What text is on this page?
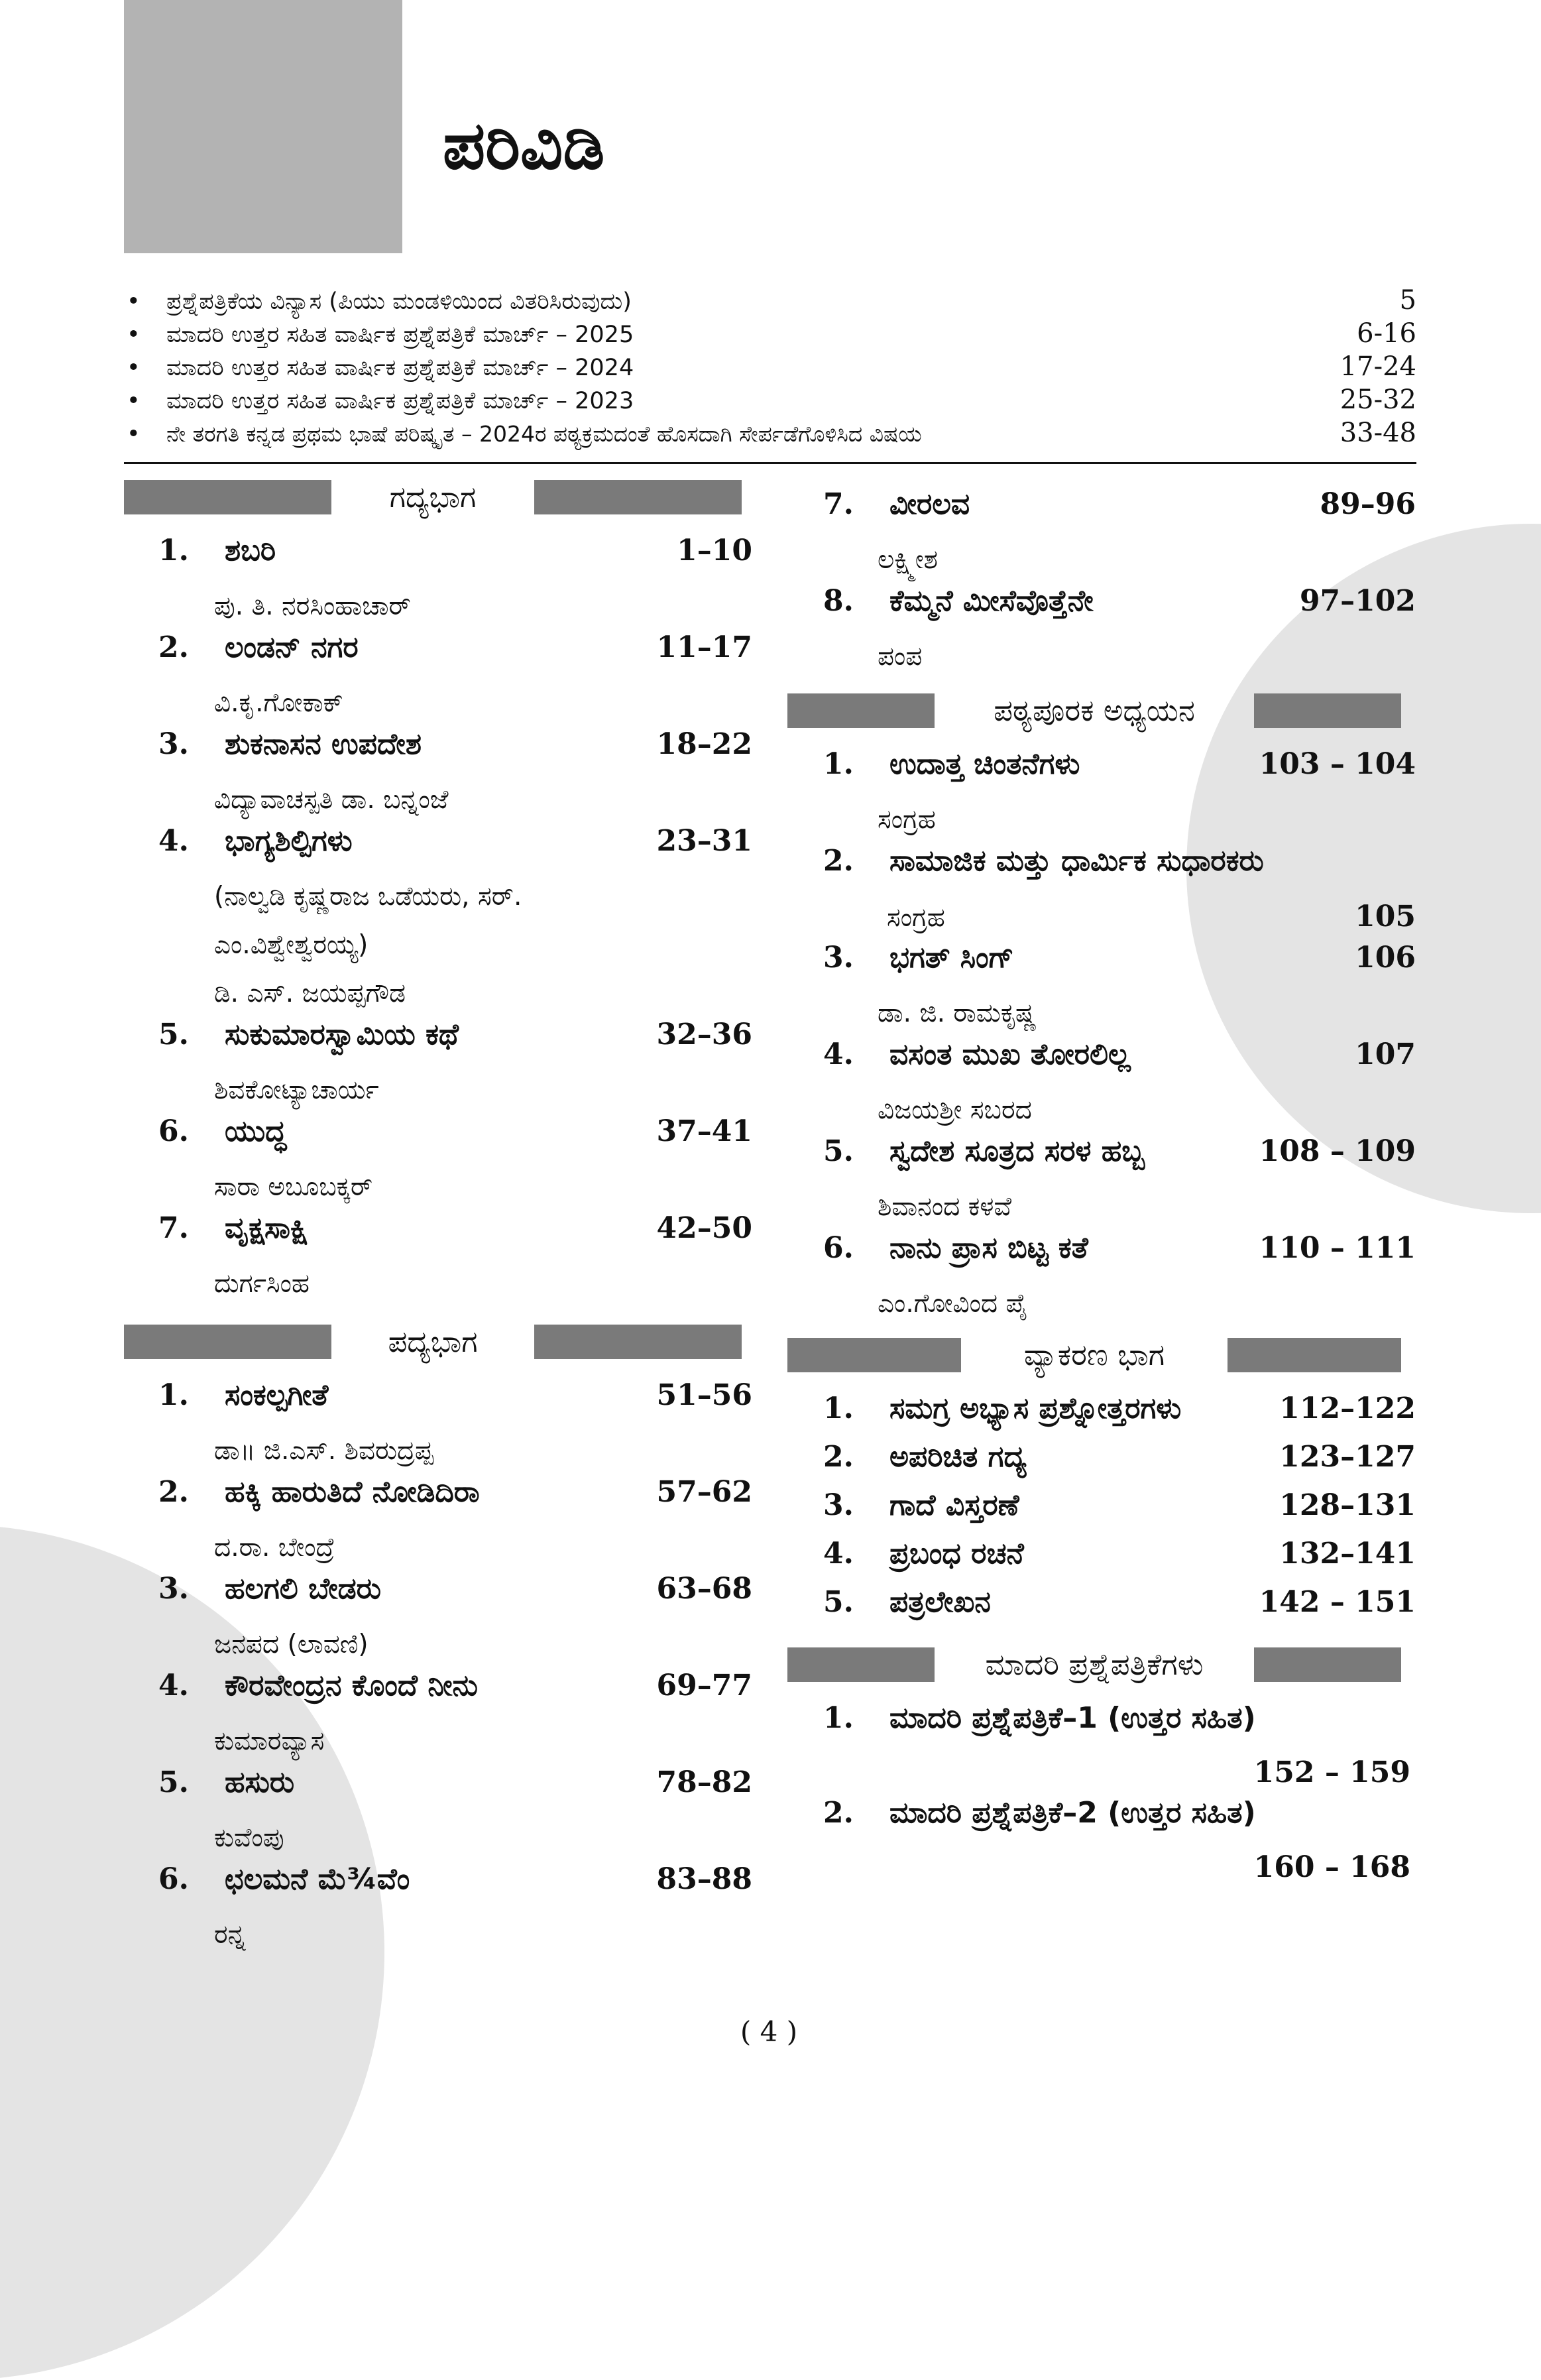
ಪರಿವಿಡಿ
•	ಪ್ರಶ್ನೆಪತ್ರಿಕೆಯ ವಿನ್ಯಾಸ (ಪಿಯು ಮಂಡಳಿಯಿಂದ ವಿತರಿಸಿರುವುದು)	5
•	ಮಾದರಿ ಉತ್ತರ ಸಹಿತ ವಾರ್ಷಿಕ ಪ್ರಶ್ನೆಪತ್ರಿಕೆ ಮಾರ್ಚ್ – 2025	6-16
•	ಮಾದರಿ ಉತ್ತರ ಸಹಿತ ವಾರ್ಷಿಕ ಪ್ರಶ್ನೆಪತ್ರಿಕೆ ಮಾರ್ಚ್ – 2024	17-24
•	ಮಾದರಿ ಉತ್ತರ ಸಹಿತ ವಾರ್ಷಿಕ ಪ್ರಶ್ನೆಪತ್ರಿಕೆ ಮಾರ್ಚ್ – 2023	25-32
•	ನೇ ತರಗತಿ ಕನ್ನಡ ಪ್ರಥಮ ಭಾಷೆ ಪರಿಷ್ಕೃತ – 2024ರ ಪಠ್ಯಕ್ರಮದಂತೆ ಹೊಸದಾಗಿ ಸೇರ್ಪಡೆಗೊಳಿಸಿದ ವಿಷಯ	33-48
ಗದ್ಯಭಾಗ
1.	ಶಬರಿ	1–10
ಪು. ತಿ. ನರಸಿಂಹಾಚಾರ್
2.	ಲಂಡನ್ ನಗರ	11–17
ವಿ.ಕೃ.ಗೋಕಾಕ್
3.	ಶುಕನಾಸನ ಉಪದೇಶ	18–22
ವಿದ್ಯಾವಾಚಸ್ಪತಿ ಡಾ. ಬನ್ನಂಜೆ
4.	ಭಾಗ್ಯಶಿಲ್ಪಿಗಳು	23–31
(ನಾಲ್ವಡಿ ಕೃಷ್ಣರಾಜ ಒಡೆಯರು, ಸರ್.
ಎಂ.ವಿಶ್ವೇಶ್ವರಯ್ಯ)
ಡಿ. ಎಸ್. ಜಯಪ್ಪಗೌಡ
5.	ಸುಕುಮಾರಸ್ವಾಮಿಯ ಕಥೆ	32–36
ಶಿವಕೋಟ್ಯಾಚಾರ್ಯ
6.	ಯುದ್ಧ	37–41
ಸಾರಾ ಅಬೂಬಕ್ಕರ್
7.	ವೃಕ್ಷಸಾಕ್ಷಿ	42–50
ದುರ್ಗಸಿಂಹ
ಪದ್ಯಭಾಗ
1.	ಸಂಕಲ್ಪಗೀತೆ	51–56
ಡಾ॥ ಜಿ.ಎಸ್. ಶಿವರುದ್ರಪ್ಪ
2.	ಹಕ್ಕಿ ಹಾರುತಿದೆ ನೋಡಿದಿರಾ	57–62
ದ.ರಾ. ಬೇಂದ್ರೆ
3.	ಹಲಗಲಿ ಬೇಡರು	63–68
ಜನಪದ (ಲಾವಣಿ)
4.	ಕೌರವೇಂದ್ರನ ಕೊಂದೆ ನೀನು	69–77
ಕುಮಾರವ್ಯಾಸ
5.	ಹಸುರು	78–82
ಕುವೆಂಪು
6.	ಛಲಮನೆ ಮೆ¾ವೆಂ	83–88
ರನ್ನ
7.	ವೀರಲವ	89–96
ಲಕ್ಷ್ಮೀಶ
8.	ಕೆಮ್ಮನೆ ಮೀಸೆವೊತ್ತೆನೇ	97–102
ಪಂಪ
ಪಠ್ಯಪೂರಕ ಅಧ್ಯಯನ
1.	ಉದಾತ್ತ ಚಿಂತನೆಗಳು	103 – 104
ಸಂಗ್ರಹ
2.	ಸಾಮಾಜಿಕ ಮತ್ತು ಧಾರ್ಮಿಕ ಸುಧಾರಕರು
ಸಂಗ್ರಹ	105
3.	ಭಗತ್ ಸಿಂಗ್	106
ಡಾ. ಜಿ. ರಾಮಕೃಷ್ಣ
4.	ವಸಂತ ಮುಖ ತೋರಲಿಲ್ಲ	107
ವಿಜಯಶ್ರೀ ಸಬರದ
5.	ಸ್ವದೇಶ ಸೂತ್ರದ ಸರಳ ಹಬ್ಬ	108 – 109
ಶಿವಾನಂದ ಕಳವೆ
6.	ನಾನು ಪ್ರಾಸ ಬಿಟ್ಟ ಕತೆ	110 – 111
ಎಂ.ಗೋವಿಂದ ಪೈ
ವ್ಯಾಕರಣ ಭಾಗ
1.	ಸಮಗ್ರ ಅಭ್ಯಾಸ ಪ್ರಶ್ನೋತ್ತರಗಳು	112–122
2.	ಅಪರಿಚಿತ ಗದ್ಯ	123–127
3.	ಗಾದೆ ವಿಸ್ತರಣೆ	128–131
4.	ಪ್ರಬಂಧ ರಚನೆ	132–141
5.	ಪತ್ರಲೇಖನ	142 – 151
ಮಾದರಿ ಪ್ರಶ್ನೆಪತ್ರಿಕೆಗಳು
1.	ಮಾದರಿ ಪ್ರಶ್ನೆಪತ್ರಿಕೆ–1 (ಉತ್ತರ ಸಹಿತ)
152 – 159
2.	ಮಾದರಿ ಪ್ರಶ್ನೆಪತ್ರಿಕೆ–2 (ಉತ್ತರ ಸಹಿತ)
160 – 168
( 4 )
